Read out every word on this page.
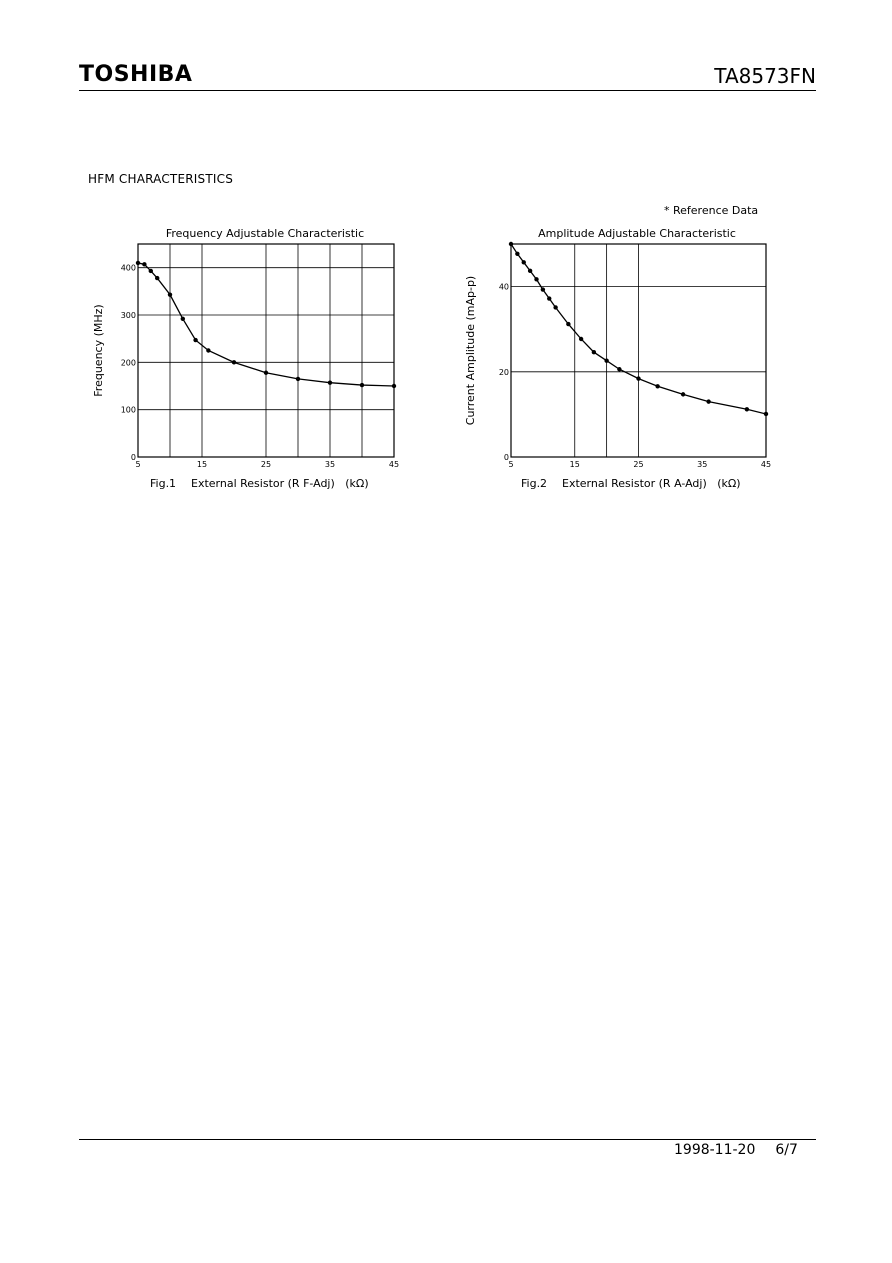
TOSHIBA	TA8573FN
HFM CHARACTERISTICS
* Reference Data
Frequency Adjustable Characteristic
5	15	25	35	45
0
100
200
300
400
Frequency (MHz)
Fig.1 External Resistor (R F-Adj)   (kΩ)
Amplitude Adjustable Characteristic
5	15	25	35	45
0
20
40
Current Amplitude (mAp-p)
Fig.2 External Resistor (R A-Adj)   (kΩ)
1998-11-20 6/7
